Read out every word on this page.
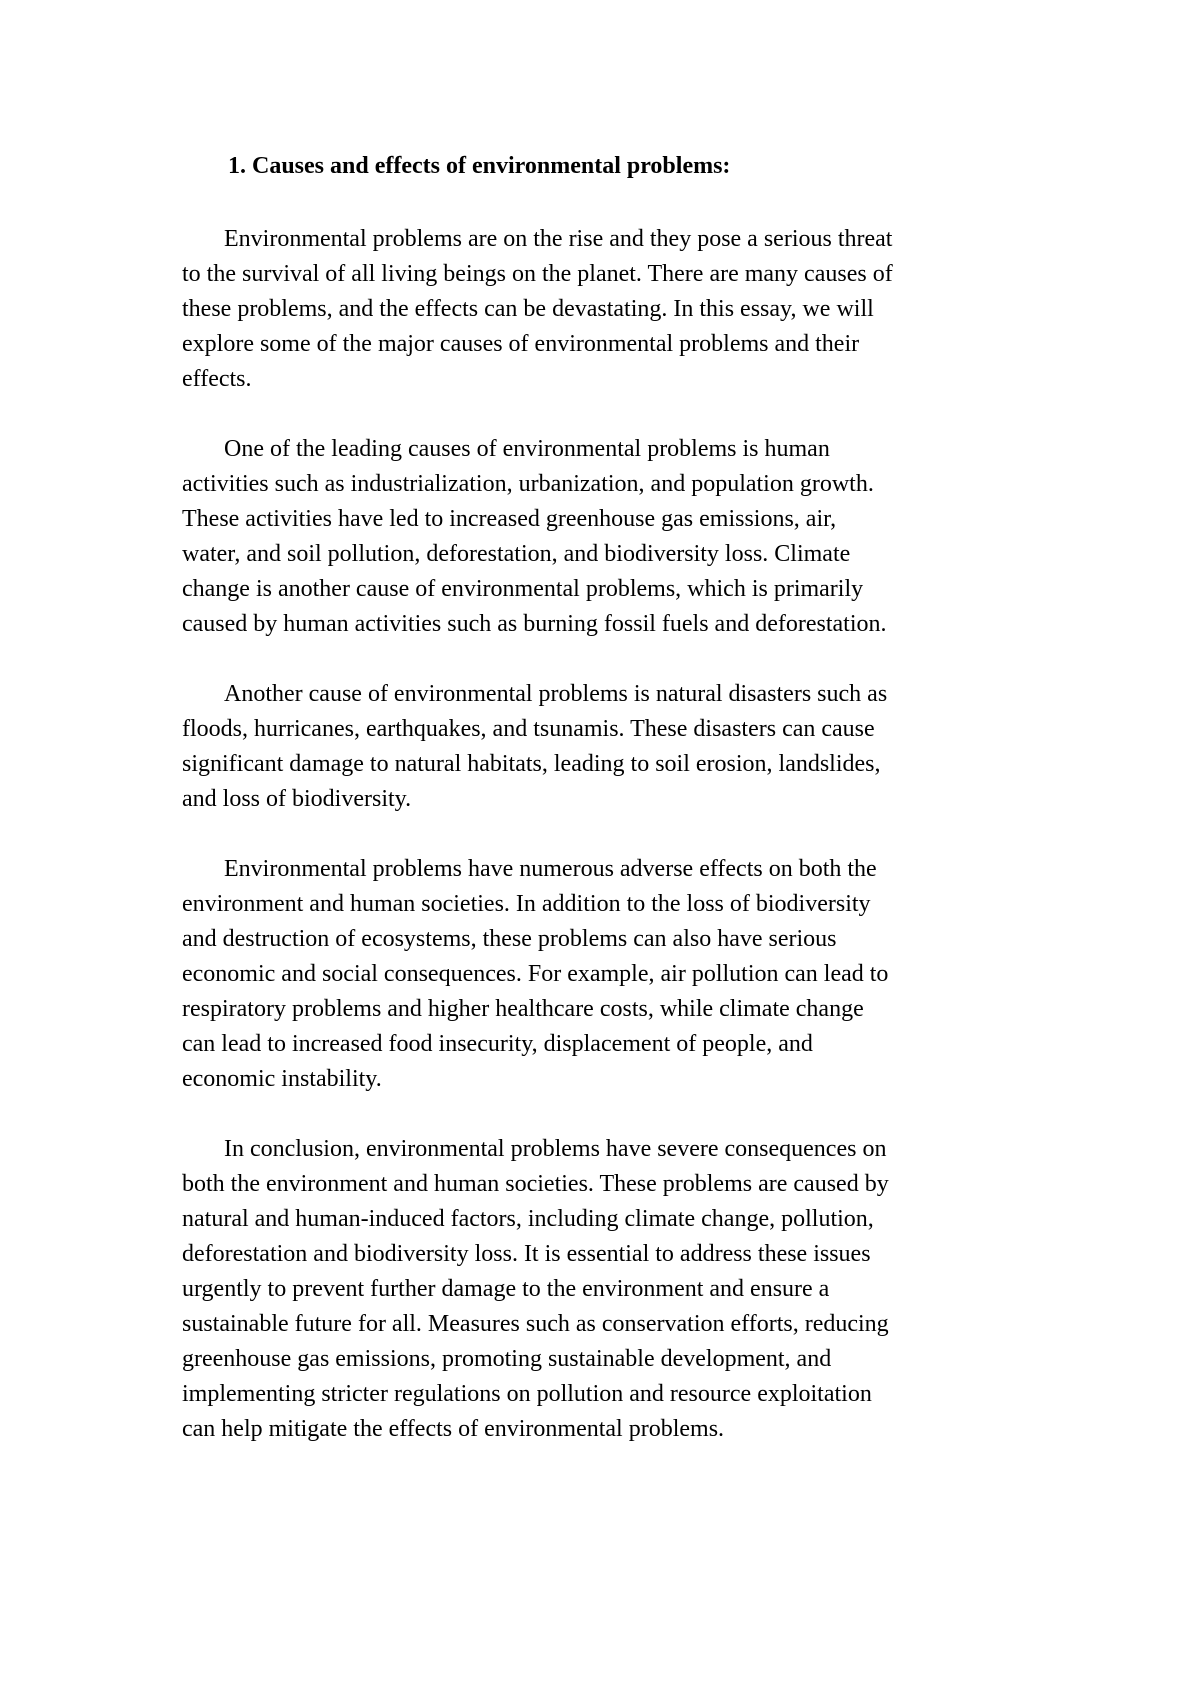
1. Causes and effects of environmental problems:

Environmental problems are on the rise and they pose a serious threat
to the survival of all living beings on the planet. There are many causes of
these problems, and the effects can be devastating. In this essay, we will
explore some of the major causes of environmental problems and their
effects.

One of the leading causes of environmental problems is human
activities such as industrialization, urbanization, and population growth.
These activities have led to increased greenhouse gas emissions, air,
water, and soil pollution, deforestation, and biodiversity loss. Climate
change is another cause of environmental problems, which is primarily
caused by human activities such as burning fossil fuels and deforestation.

Another cause of environmental problems is natural disasters such as
floods, hurricanes, earthquakes, and tsunamis. These disasters can cause
significant damage to natural habitats, leading to soil erosion, landslides,
and loss of biodiversity.

Environmental problems have numerous adverse effects on both the
environment and human societies. In addition to the loss of biodiversity
and destruction of ecosystems, these problems can also have serious
economic and social consequences. For example, air pollution can lead to
respiratory problems and higher healthcare costs, while climate change
can lead to increased food insecurity, displacement of people, and
economic instability.

In conclusion, environmental problems have severe consequences on
both the environment and human societies. These problems are caused by
natural and human-induced factors, including climate change, pollution,
deforestation and biodiversity loss. It is essential to address these issues
urgently to prevent further damage to the environment and ensure a
sustainable future for all. Measures such as conservation efforts, reducing
greenhouse gas emissions, promoting sustainable development, and
implementing stricter regulations on pollution and resource exploitation
can help mitigate the effects of environmental problems.
